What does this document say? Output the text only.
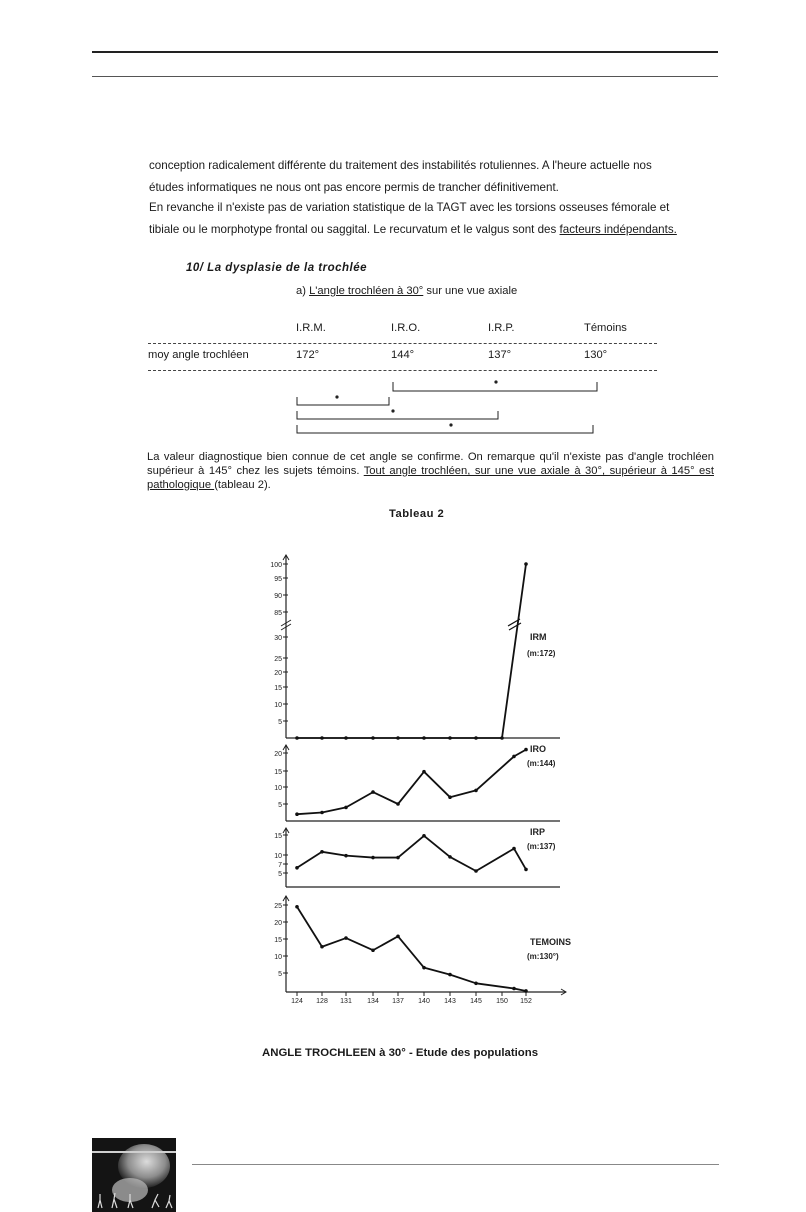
conception radicalement différente du traitement des instabilités rotuliennes. A l'heure actuelle nos
études informatiques ne nous ont pas encore permis de trancher définitivement.
En revanche il n'existe pas de variation statistique de la TAGT avec les torsions osseuses fémorale et
tibiale ou le morphotype frontal ou saggital. Le recurvatum et le valgus sont des facteurs indépendants.
10/ La dysplasie de la trochlée
a) L'angle trochléen à 30° sur une vue axiale
I.R.M.	I.R.O.	I.R.P.	Témoins
moy angle trochléen	172°	144°	137°	130°
La valeur diagnostique bien connue de cet angle se confirme. On remarque qu'il n'existe pas d'angle trochléen supérieur à 145° chez les sujets témoins. Tout angle trochléen, sur une vue axiale à 30°, supérieur à 145° est pathologique (tableau 2).
Tableau 2
100
95
90
85
30
25
20
15
10
5
IRM
(m:172)
20
15
10
5
IRO
(m:144)
15
10
7
5
IRP
(m:137)
25
20
15
10
5
TEMOINS
(m:130°)
124 128 131 134 137 140 143 145 150 152
ANGLE TROCHLEEN à 30° - Etude des populations
